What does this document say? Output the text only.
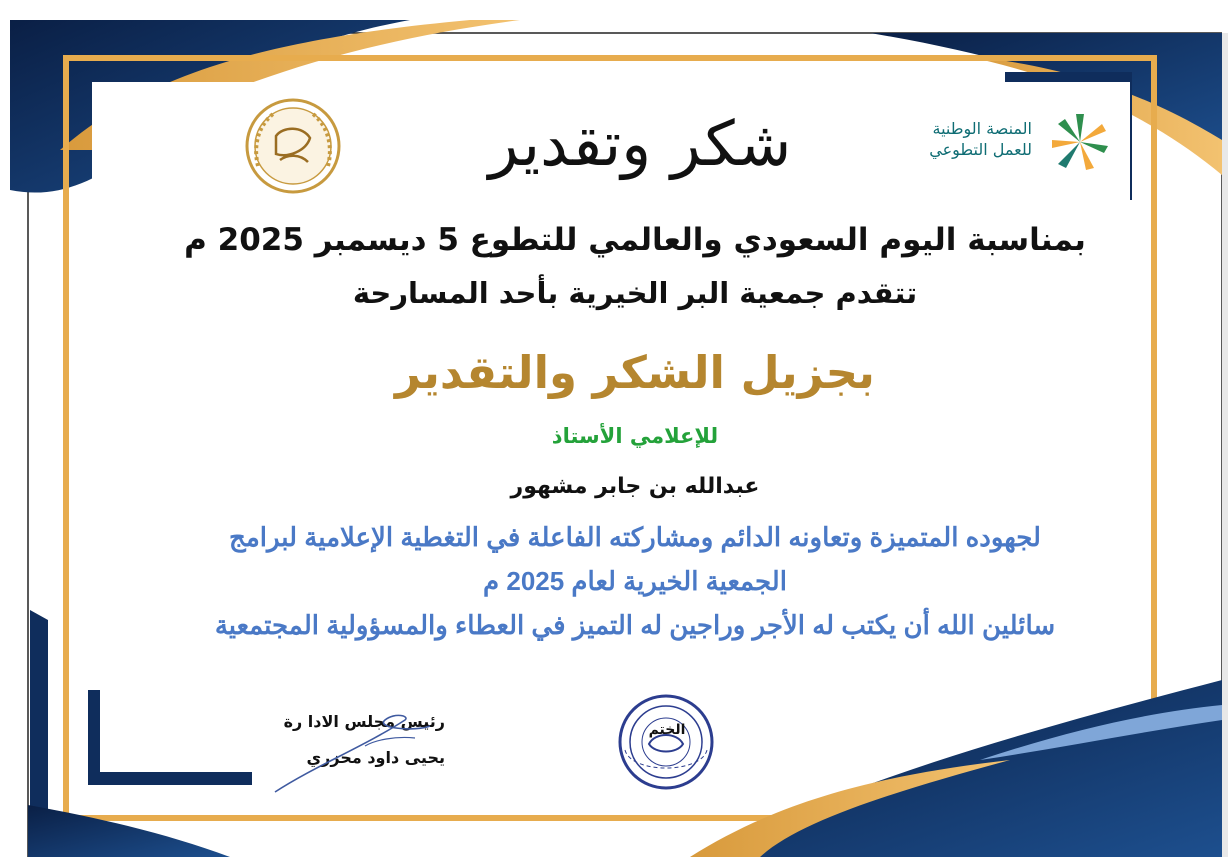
شكر وتقدير	المنصة الوطنية
للعمل التطوعي
بمناسبة اليوم السعودي والعالمي للتطوع 5 ديسمبر 2025 م
تتقدم جمعية البر الخيرية بأحد المسارحة
بجزيل الشكر والتقدير
للإعلامي الأستاذ
عبدالله بن جابر مشهور
لجهوده المتميزة وتعاونه الدائم ومشاركته الفاعلة في التغطية الإعلامية لبرامج
الجمعية الخيرية لعام 2025 م
سائلين الله أن يكتب له الأجر وراجين له التميز في العطاء والمسؤولية المجتمعية
الختم
رئيس مجلس الادا رة
يحيى داود محزري
